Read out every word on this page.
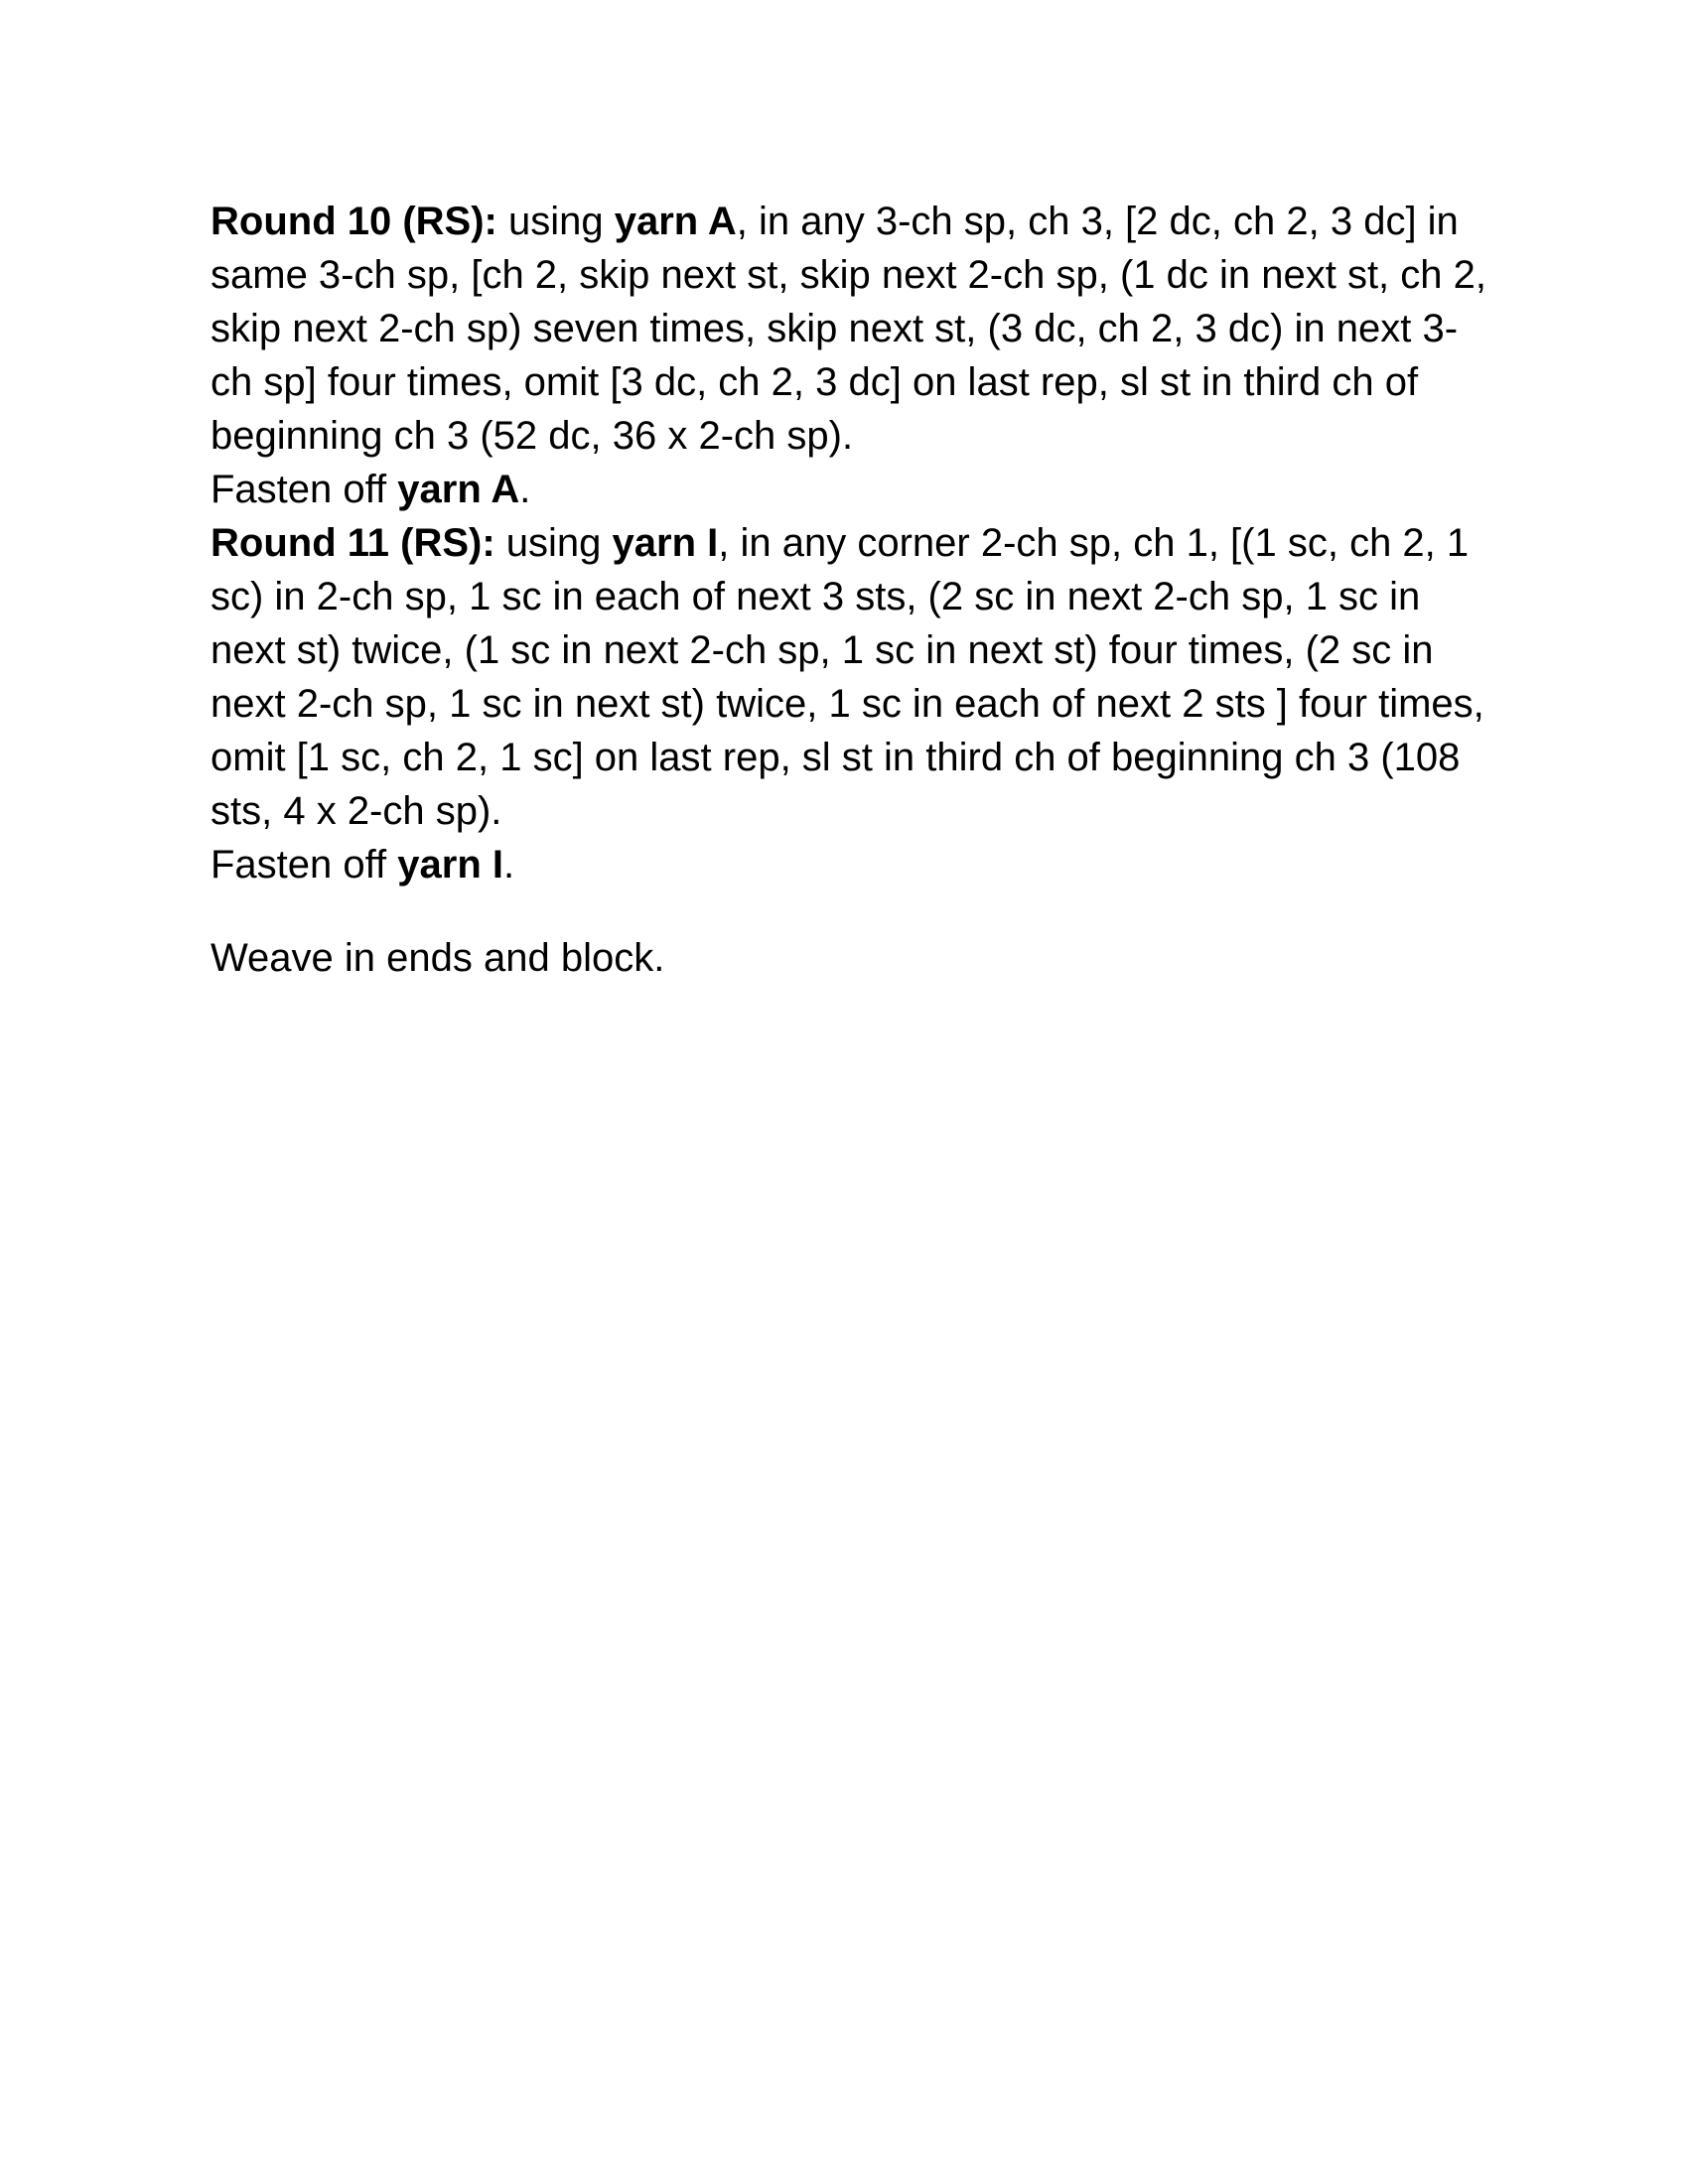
Round 10 (RS): using yarn A, in any 3-ch sp, ch 3, [2 dc, ch 2, 3 dc] in same 3-ch sp, [ch 2, skip next st, skip next 2-ch sp, (1 dc in next st, ch 2, skip next 2-ch sp) seven times, skip next st, (3 dc, ch 2, 3 dc) in next 3-ch sp] four times, omit [3 dc, ch 2, 3 dc] on last rep, sl st in third ch of beginning ch 3 (52 dc, 36 x 2-ch sp).

Fasten off yarn A.

Round 11 (RS): using yarn I, in any corner 2-ch sp, ch 1, [(1 sc, ch 2, 1 sc) in 2-ch sp, 1 sc in each of next 3 sts, (2 sc in next 2-ch sp, 1 sc in next st) twice, (1 sc in next 2-ch sp, 1 sc in next st) four times, (2 sc in next 2-ch sp, 1 sc in next st) twice, 1 sc in each of next 2 sts ] four times, omit [1 sc, ch 2, 1 sc] on last rep, sl st in third ch of beginning ch 3 (108 sts, 4 x 2-ch sp).

Fasten off yarn I.

Weave in ends and block.
